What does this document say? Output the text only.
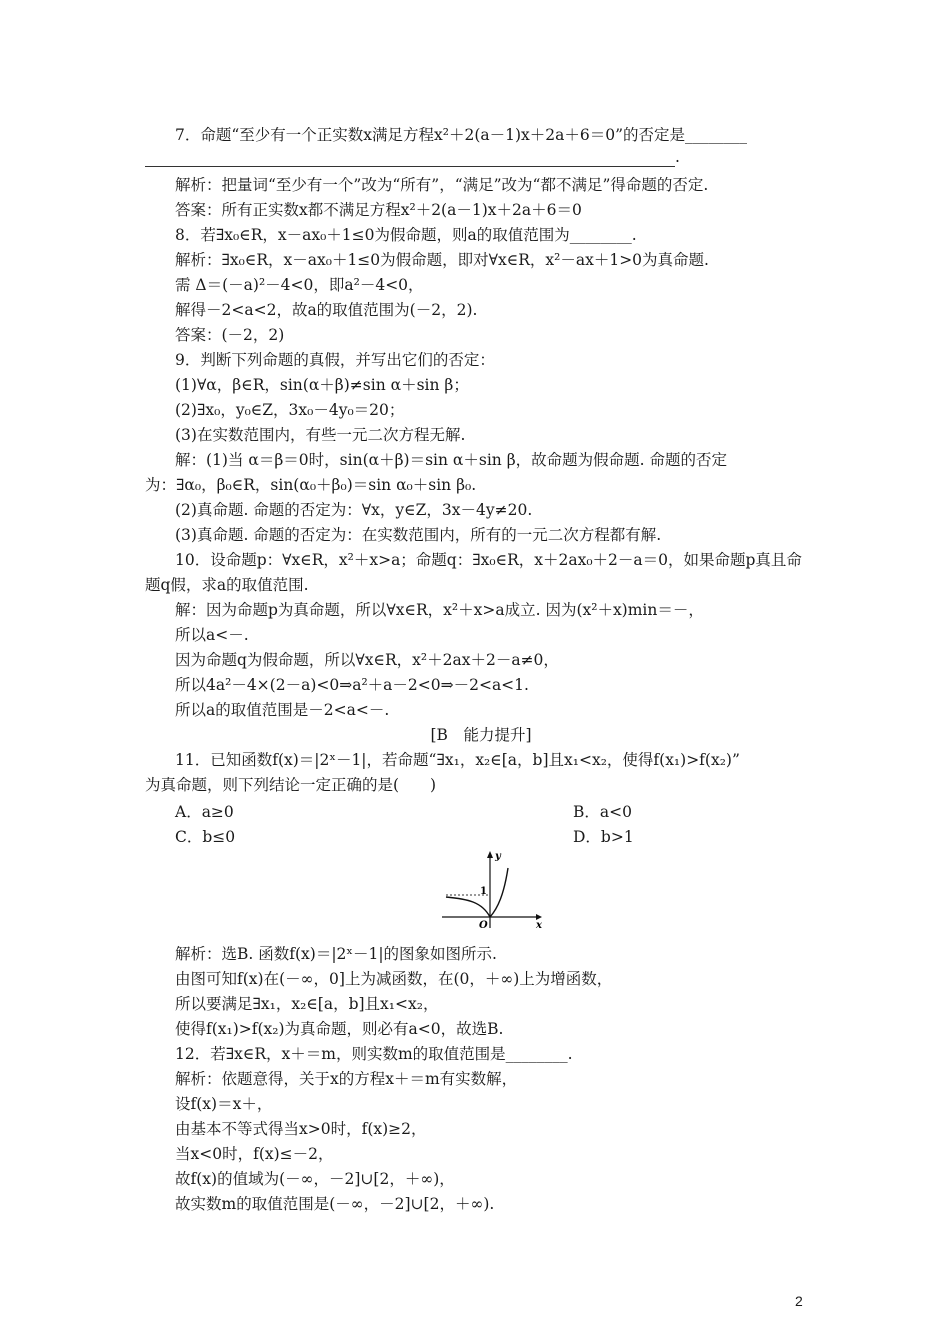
7．命题“至少有一个正实数x满足方程x²＋2(a－1)x＋2a＋6＝0”的否定是________
.
解析：把量词“至少有一个”改为“所有”，“满足”改为“都不满足”得命题的否定.
答案：所有正实数x都不满足方程x²＋2(a－1)x＋2a＋6＝0
8．若∃x₀∈R，x－ax₀＋1≤0为假命题，则a的取值范围为________.
解析：∃x₀∈R，x－ax₀＋1≤0为假命题，即对∀x∈R，x²－ax＋1>0为真命题.
需 Δ＝(－a)²－4<0，即a²－4<0，
解得－2<a<2，故a的取值范围为(－2，2).
答案：(－2，2)
9．判断下列命题的真假，并写出它们的否定：
(1)∀α，β∈R，sin(α＋β)≠sin α＋sin β；
(2)∃x₀，y₀∈Z，3x₀－4y₀＝20；
(3)在实数范围内，有些一元二次方程无解.
解：(1)当 α＝β＝0时，sin(α＋β)＝sin α＋sin β，故命题为假命题. 命题的否定
为：∃α₀，β₀∈R，sin(α₀＋β₀)＝sin α₀＋sin β₀.
(2)真命题. 命题的否定为：∀x，y∈Z，3x－4y≠20.
(3)真命题. 命题的否定为：在实数范围内，所有的一元二次方程都有解.
10．设命题p：∀x∈R，x²＋x>a；命题q：∃x₀∈R，x＋2ax₀＋2－a＝0，如果命题p真且命
题q假，求a的取值范围.
解：因为命题p为真命题，所以∀x∈R，x²＋x>a成立. 因为(x²＋x)min＝－，
所以a<－.
因为命题q为假命题，所以∀x∈R，x²＋2ax＋2－a≠0，
所以4a²－4×(2－a)<0⇒a²＋a－2<0⇒－2<a<1.
所以a的取值范围是－2<a<－.
[B　能力提升]
11．已知函数f(x)＝|2ˣ－1|，若命题“∃x₁，x₂∈[a，b]且x₁<x₂，使得f(x₁)>f(x₂)”
为真命题，则下列结论一定正确的是(　　)
A．a≥0	B．a<0
C．b≤0	D．b>1
y
x
O
1
解析：选B. 函数f(x)＝|2ˣ－1|的图象如图所示.
由图可知f(x)在(－∞，0]上为减函数，在(0，＋∞)上为增函数，
所以要满足∃x₁，x₂∈[a，b]且x₁<x₂，
使得f(x₁)>f(x₂)为真命题，则必有a<0，故选B.
12．若∃x∈R，x＋＝m，则实数m的取值范围是________.
解析：依题意得，关于x的方程x＋＝m有实数解，
设f(x)＝x＋，
由基本不等式得当x>0时，f(x)≥2，
当x<0时，f(x)≤－2，
故f(x)的值域为(－∞，－2]∪[2，＋∞)，
故实数m的取值范围是(－∞，－2]∪[2，＋∞).
2
